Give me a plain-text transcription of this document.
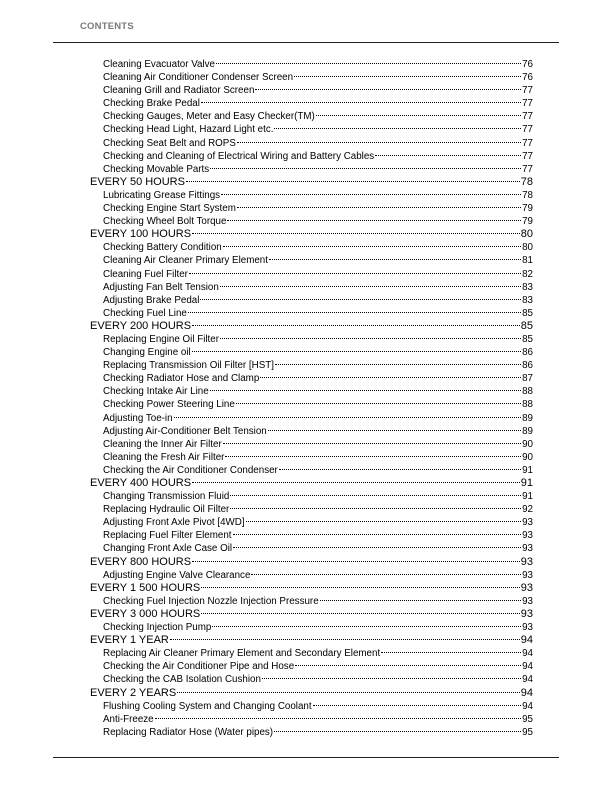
CONTENTS
Cleaning Evacuator Valve	76
Cleaning Air Conditioner Condenser Screen	76
Cleaning Grill and Radiator Screen	77
Checking Brake Pedal	77
Checking Gauges, Meter and Easy Checker(TM)	77
Checking Head Light, Hazard Light etc.	77
Checking Seat Belt and ROPS	77
Checking and Cleaning of Electrical Wiring and Battery Cables	77
Checking Movable Parts	77
EVERY 50 HOURS	78
Lubricating Grease Fittings	78
Checking Engine Start System	79
Checking Wheel Bolt Torque	79
EVERY 100 HOURS	80
Checking Battery Condition	80
Cleaning Air Cleaner Primary Element	81
Cleaning Fuel Filter	82
Adjusting Fan Belt Tension	83
Adjusting Brake Pedal	83
Checking Fuel Line	85
EVERY 200 HOURS	85
Replacing Engine Oil Filter	85
Changing Engine oil	86
Replacing Transmission Oil Filter [HST]	86
Checking Radiator Hose and Clamp	87
Checking Intake Air Line	88
Checking Power Steering Line	88
Adjusting Toe-in	89
Adjusting Air-Conditioner Belt Tension	89
Cleaning the Inner Air Filter	90
Cleaning the Fresh Air Filter	90
Checking the Air Conditioner Condenser	91
EVERY 400 HOURS	91
Changing Transmission Fluid	91
Replacing Hydraulic Oil Filter	92
Adjusting Front Axle Pivot [4WD]	93
Replacing Fuel Filter Element	93
Changing Front Axle Case Oil	93
EVERY 800 HOURS	93
Adjusting Engine Valve Clearance	93
EVERY 1 500 HOURS	93
Checking Fuel Injection Nozzle Injection Pressure	93
EVERY 3 000 HOURS	93
Checking Injection Pump	93
EVERY 1 YEAR	94
Replacing Air Cleaner Primary Element and Secondary Element	94
Checking the Air Conditioner Pipe and Hose	94
Checking the CAB Isolation Cushion	94
EVERY 2 YEARS	94
Flushing Cooling System and Changing Coolant	94
Anti-Freeze	95
Replacing Radiator Hose (Water pipes)	95
